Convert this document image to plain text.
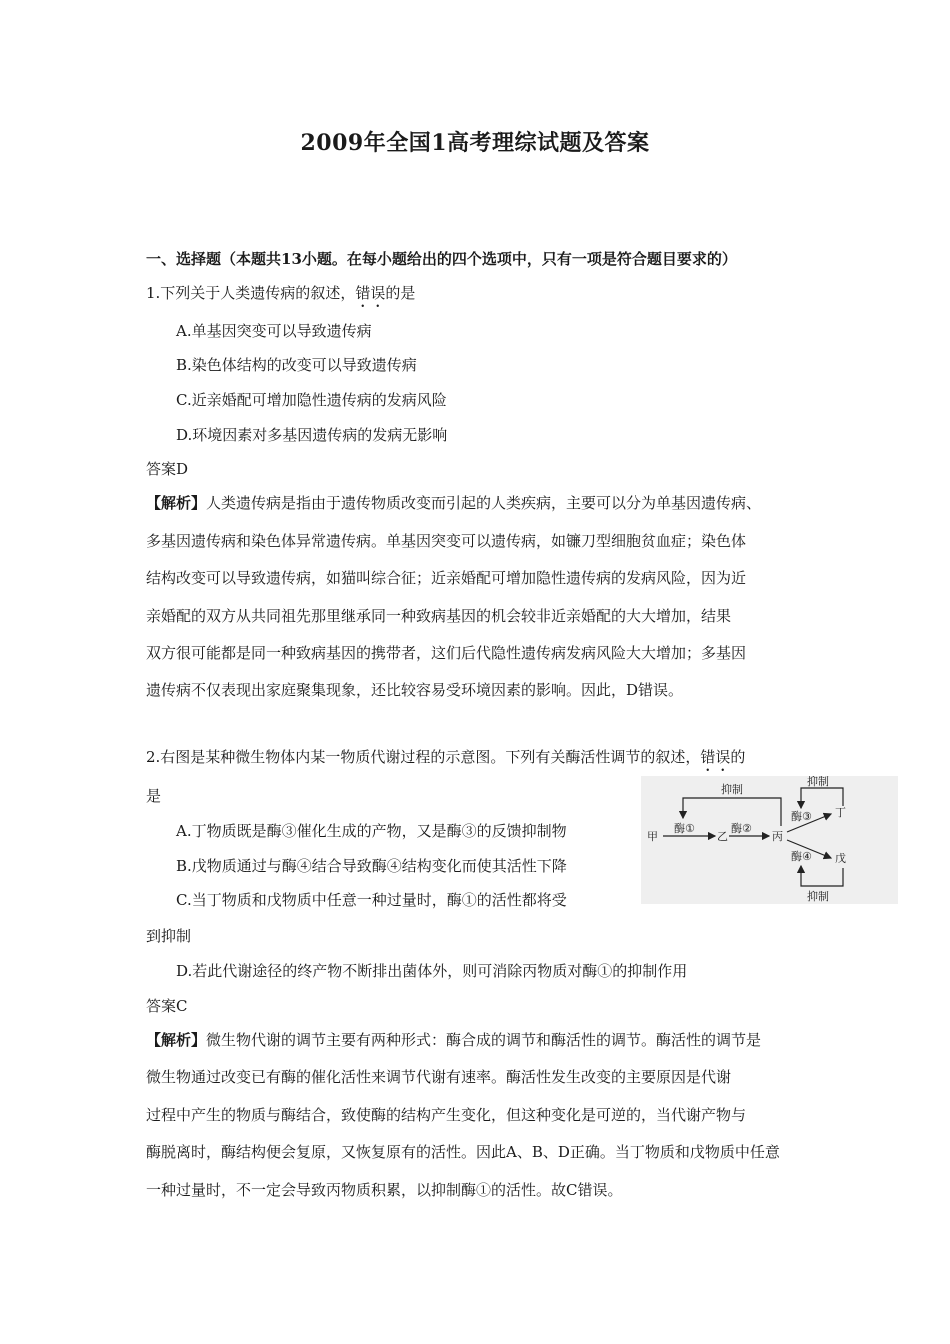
2009年全国1高考理综试题及答案
一、选择题（本题共13小题。在每小题给出的四个选项中，只有一项是符合题目要求的）
1.下列关于人类遗传病的叙述，错误的是
A.单基因突变可以导致遗传病
B.染色体结构的改变可以导致遗传病
C.近亲婚配可增加隐性遗传病的发病风险
D.环境因素对多基因遗传病的发病无影响
答案D
【解析】人类遗传病是指由于遗传物质改变而引起的人类疾病，主要可以分为单基因遗传病、
多基因遗传病和染色体异常遗传病。单基因突变可以遗传病，如镰刀型细胞贫血症；染色体
结构改变可以导致遗传病，如猫叫综合征；近亲婚配可增加隐性遗传病的发病风险，因为近
亲婚配的双方从共同祖先那里继承同一种致病基因的机会较非近亲婚配的大大增加，结果
双方很可能都是同一种致病基因的携带者，这们后代隐性遗传病发病风险大大增加；多基因
遗传病不仅表现出家庭聚集现象，还比较容易受环境因素的影响。因此，D错误。
2.右图是某种微生物体内某一物质代谢过程的示意图。下列有关酶活性调节的叙述，错误的
是
A.丁物质既是酶③催化生成的产物，又是酶③的反馈抑制物
B.戊物质通过与酶④结合导致酶④结构变化而使其活性下降
C.当丁物质和戊物质中任意一种过量时，酶①的活性都将受
到抑制
D.若此代谢途径的终产物不断排出菌体外，则可消除丙物质对酶①的抑制作用
答案C
【解析】微生物代谢的调节主要有两种形式：酶合成的调节和酶活性的调节。酶活性的调节是
微生物通过改变已有酶的催化活性来调节代谢有速率。酶活性发生改变的主要原因是代谢
过程中产生的物质与酶结合，致使酶的结构产生变化，但这种变化是可逆的，当代谢产物与
酶脱离时，酶结构便会复原，又恢复原有的活性。因此A、B、D正确。当丁物质和戊物质中任意
一种过量时，不一定会导致丙物质积累，以抑制酶①的活性。故C错误。
抑制
甲
酶①
乙
酶②
丙
酶③
酶④
丁
戊
抑制
抑制
